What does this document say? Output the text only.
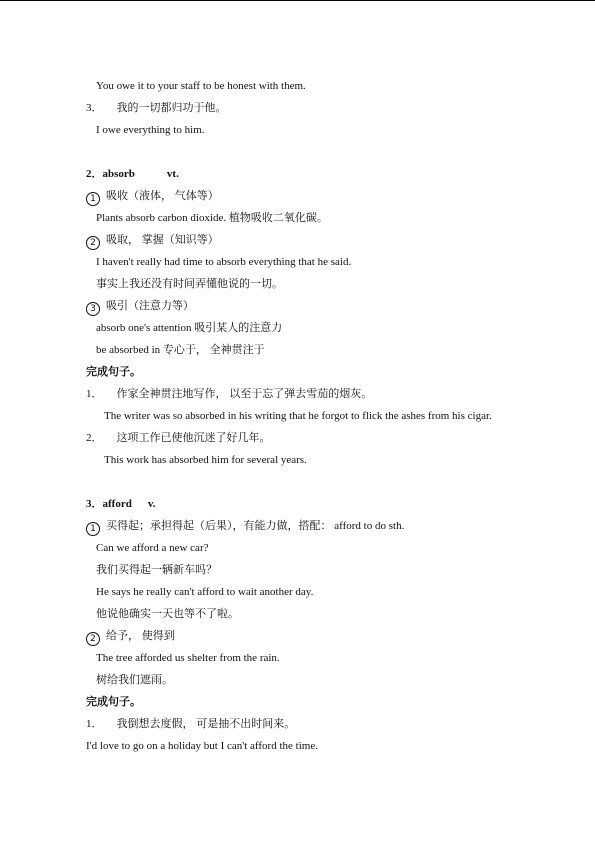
You owe it to your staff to be honest with them.
3． 我的一切都归功于他。
I owe everything to him.
2．absorb	vt.
1 吸收（液体， 气体等）
Plants absorb carbon dioxide. 植物吸收二氧化碳。
2 吸取， 掌握（知识等）
I haven't really had time to absorb everything that he said.
事实上我还没有时间弄懂他说的一切。
3 吸引（注意力等）
absorb one's attention 吸引某人的注意力
be absorbed in 专心于， 全神贯注于
完成句子。
1． 作家全神贯注地写作， 以至于忘了弹去雪茄的烟灰。
The writer was so absorbed in his writing that he forgot to flick the ashes from his cigar.
2． 这项工作已使他沉迷了好几年。
This work has absorbed him for several years.
3．afford v.
1 买得起；承担得起（后果），有能力做，搭配： afford to do sth.
Can we afford a new car?
我们买得起一辆新车吗？
He says he really can't afford to wait another day.
他说他确实一天也等不了啦。
2 给予， 使得到
The tree afforded us shelter from the rain.
树给我们遮雨。
完成句子。
1． 我倒想去度假， 可是抽不出时间来。
I'd love to go on a holiday but I can't afford the time.
